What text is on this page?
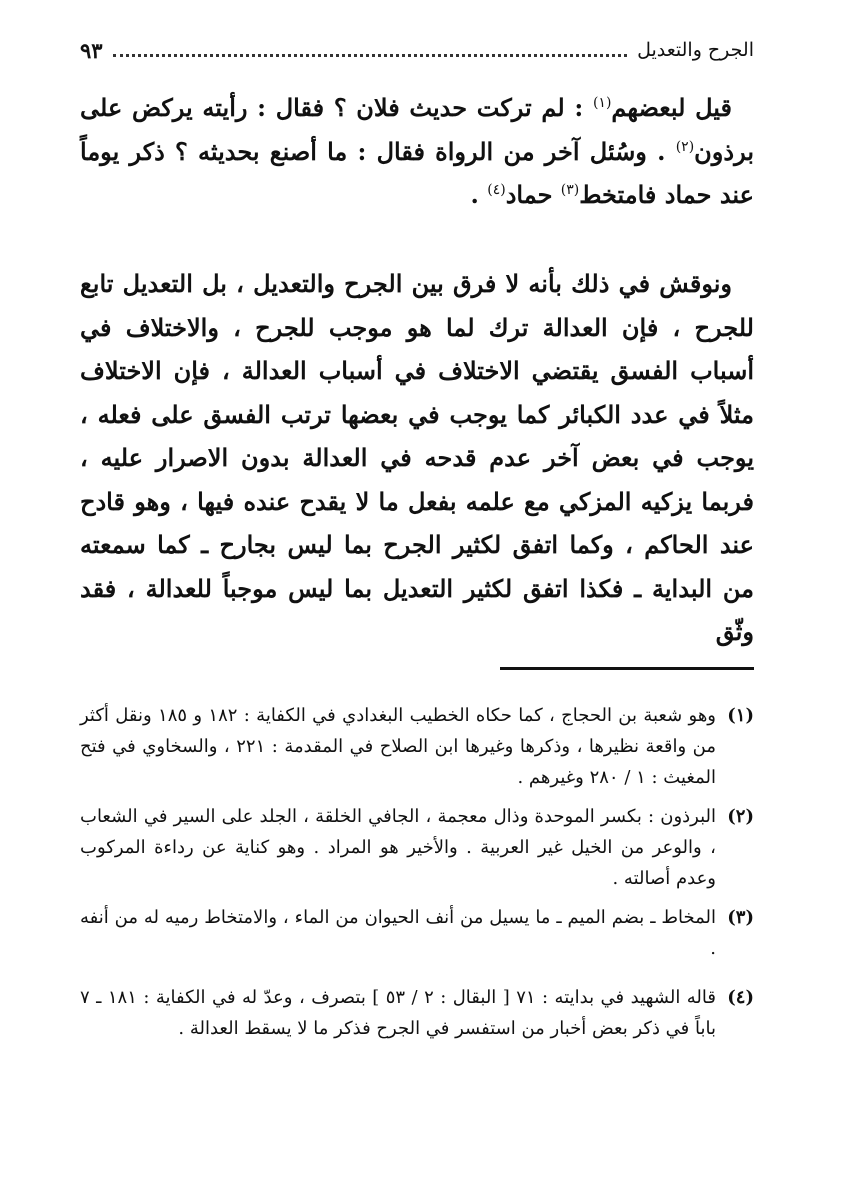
الجرح والتعديل
٩٣

قيل لبعضهم$^{(١)}$ : لم تركت حديث فلان ؟ فقال : رأيته يركض على برذون$^{(٢)}$ . وسُئل آخر من الرواة فقال : ما أصنع بحديثه ؟ ذكر يوماً عند حماد فامتخط$^{(٣)}$ حماد$^{(٤)}$ .

ونوقش في ذلك بأنه لا فرق بين الجرح والتعديل ، بل التعديل تابع للجرح ، فإن العدالة ترك لما هو موجب للجرح ، والاختلاف في أسباب الفسق يقتضي الاختلاف في أسباب العدالة ، فإن الاختلاف مثلاً في عدد الكبائر كما يوجب في بعضها ترتب الفسق على فعله ، يوجب في بعض آخر عدم قدحه في العدالة بدون الاصرار عليه ، فربما يزكيه المزكي مع علمه بفعل ما لا يقدح عنده فيها ، وهو قادح عند الحاكم ، وكما اتفق لكثير الجرح بما ليس بجارح ـ كما سمعته من البداية ـ فكذا اتفق لكثير التعديل بما ليس موجباً للعدالة ، فقد وثّق

(١)
وهو شعبة بن الحجاج ، كما حكاه الخطيب البغدادي في الكفاية : ١٨٢ و ١٨٥ ونقل أكثر من واقعة نظيرها ، وذكرها وغيرها ابن الصلاح في المقدمة : ٢٢١ ، والسخاوي في فتح المغيث : ١ / ٢٨٠ وغيرهم .
(٢)
البرذون : بكسر الموحدة وذال معجمة ، الجافي الخلقة ، الجلد على السير في الشعاب ، والوعر من الخيل غير العربية . والأخير هو المراد . وهو كناية عن رداءة المركوب وعدم أصالته .
(٣)
المخاط ـ بضم الميم ـ ما يسيل من أنف الحيوان من الماء ، والامتخاط رميه له من أنفه .
(٤)
قاله الشهيد في بدايته : ٧١ [ البقال : ٢ / ٥٣ ] بتصرف ، وعدّ له في الكفاية : ١٨١ ـ ٧ باباً في ذكر بعض أخبار من استفسر في الجرح فذكر ما لا يسقط العدالة .
